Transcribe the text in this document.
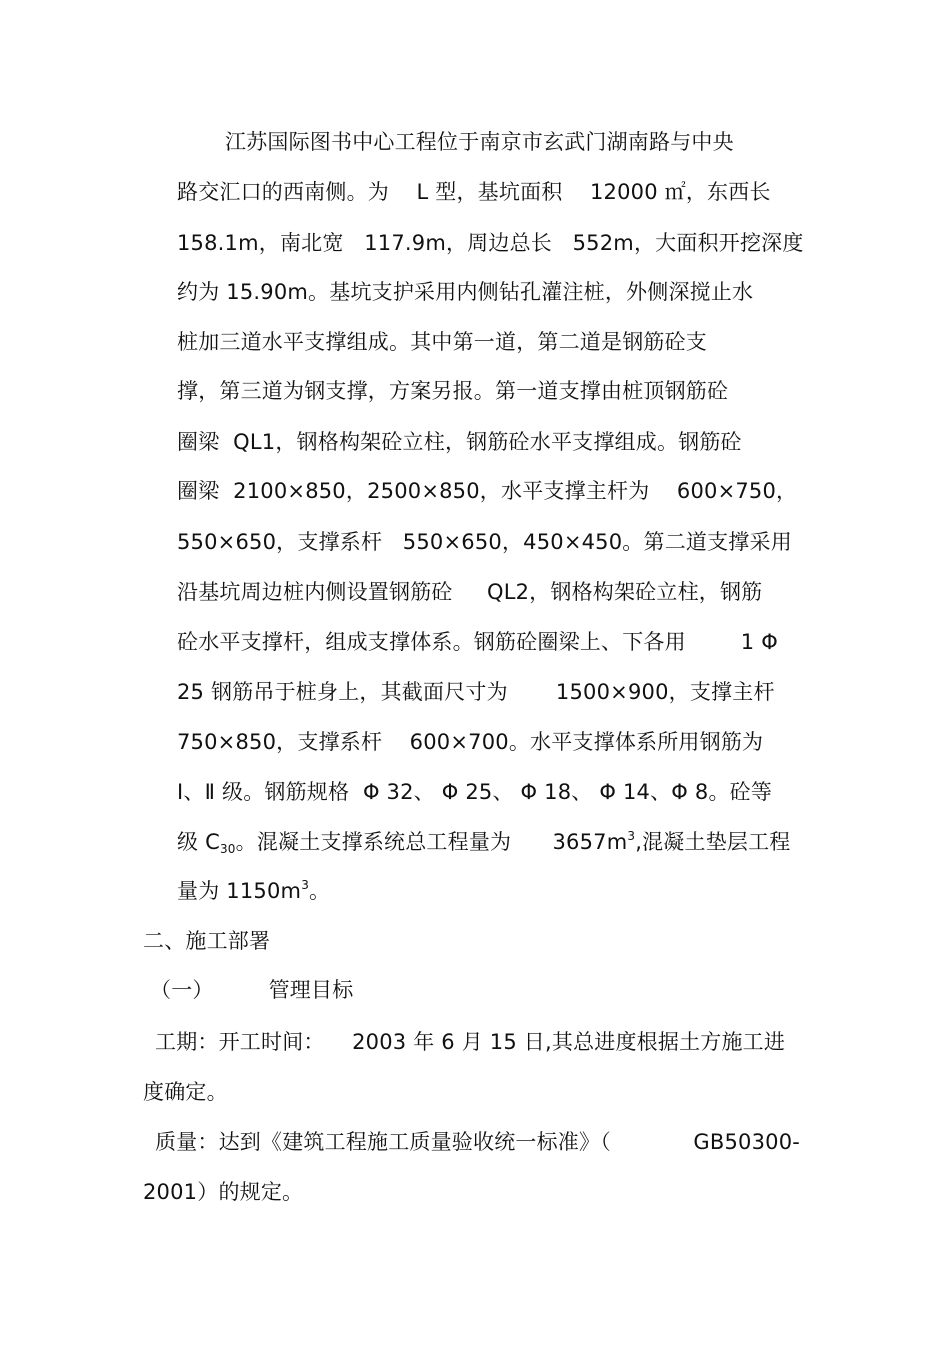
江苏国际图书中心工程位于南京市玄武门湖南路与中央
路交汇口的西南侧。为    L 型，基坑面积    12000 ㎡，东西长
158.1m，南北宽   117.9m，周边总长   552m，大面积开挖深度
约为 15.90m。基坑支护采用内侧钻孔灌注桩，外侧深搅止水
桩加三道水平支撑组成。其中第一道，第二道是钢筋砼支
撑，第三道为钢支撑，方案另报。第一道支撑由桩顶钢筋砼
圈梁  QL1，钢格构架砼立柱，钢筋砼水平支撑组成。钢筋砼
圈梁  2100×850，2500×850，水平支撑主杆为    600×750，
550×650，支撑系杆   550×650，450×450。第二道支撑采用
沿基坑周边桩内侧设置钢筋砼     QL2，钢格构架砼立柱，钢筋
砼水平支撑杆，组成支撑体系。钢筋砼圈梁上、下各用        1 Φ
25 钢筋吊于桩身上，其截面尺寸为       1500×900，支撑主杆
750×850，支撑系杆    600×700。水平支撑体系所用钢筋为
Ⅰ、Ⅱ 级。钢筋规格  Φ 32、 Φ 25、 Φ 18、 Φ 14、Φ 8。砼等
级 $C_{30}$。混凝土支撑系统总工程量为      $3657m^3$,混凝土垫层工程
量为 $1150m^3$。
二、施工部署
（一）        管理目标
工期：开工时间：    2003 年 6 月 15 日,其总进度根据土方施工进
度确定。
质量：达到《建筑工程施工质量验收统一标准》（            GB50300-
2001）的规定。
